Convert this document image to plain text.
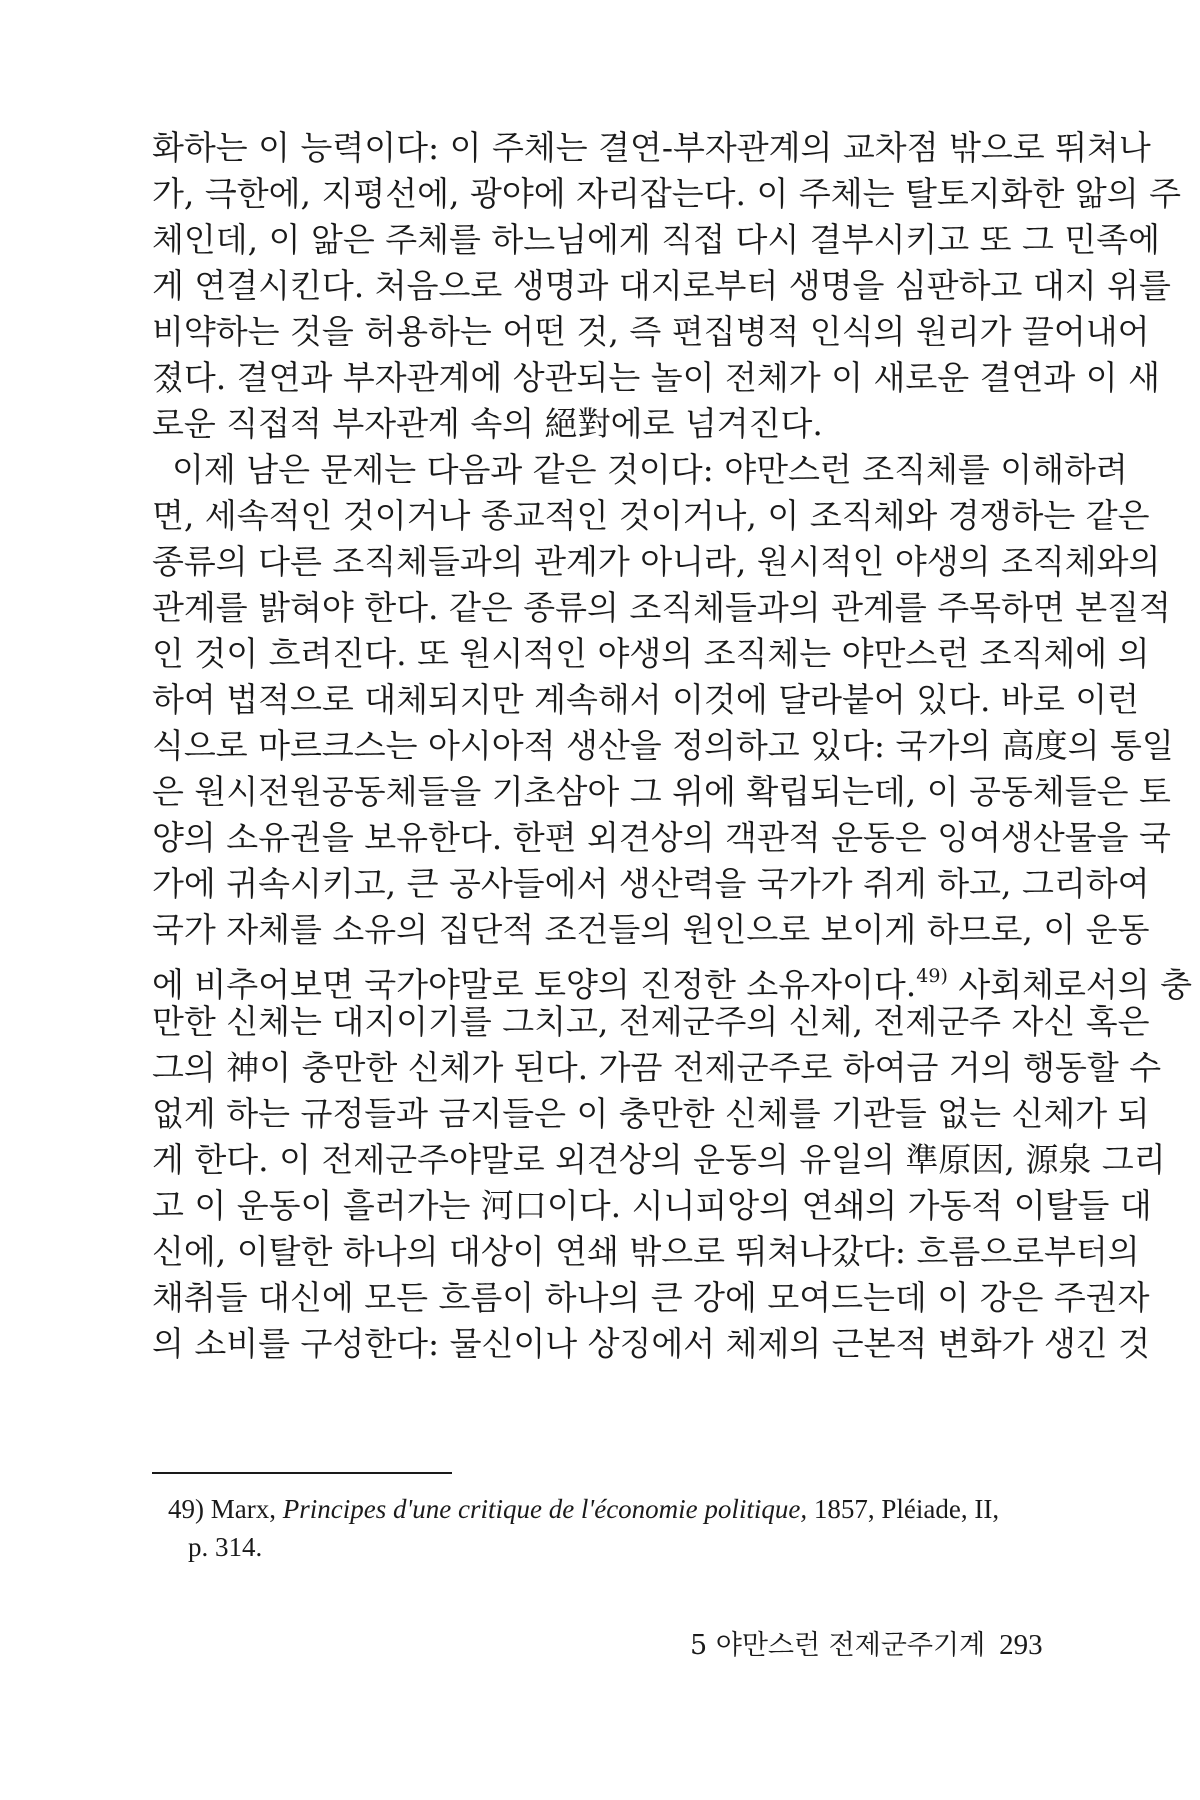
화하는 이 능력이다: 이 주체는 결연-부자관계의 교차점 밖으로 뛰쳐나
가, 극한에, 지평선에, 광야에 자리잡는다. 이 주체는 탈토지화한 앎의 주
체인데, 이 앎은 주체를 하느님에게 직접 다시 결부시키고 또 그 민족에
게 연결시킨다. 처음으로 생명과 대지로부터 생명을 심판하고 대지 위를
비약하는 것을 허용하는 어떤 것, 즉 편집병적 인식의 원리가 끌어내어
졌다. 결연과 부자관계에 상관되는 놀이 전체가 이 새로운 결연과 이 새
로운 직접적 부자관계 속의 絕對에로 넘겨진다.
이제 남은 문제는 다음과 같은 것이다: 야만스런 조직체를 이해하려
면, 세속적인 것이거나 종교적인 것이거나, 이 조직체와 경쟁하는 같은
종류의 다른 조직체들과의 관계가 아니라, 원시적인 야생의 조직체와의
관계를 밝혀야 한다. 같은 종류의 조직체들과의 관계를 주목하면 본질적
인 것이 흐려진다. 또 원시적인 야생의 조직체는 야만스런 조직체에 의
하여 법적으로 대체되지만 계속해서 이것에 달라붙어 있다. 바로 이런
식으로 마르크스는 아시아적 생산을 정의하고 있다: 국가의 高度의 통일
은 원시전원공동체들을 기초삼아 그 위에 확립되는데, 이 공동체들은 토
양의 소유권을 보유한다. 한편 외견상의 객관적 운동은 잉여생산물을 국
가에 귀속시키고, 큰 공사들에서 생산력을 국가가 쥐게 하고, 그리하여
국가 자체를 소유의 집단적 조건들의 원인으로 보이게 하므로, 이 운동
에 비추어보면 국가야말로 토양의 진정한 소유자이다.$^{49)}$ 사회체로서의 충
만한 신체는 대지이기를 그치고, 전제군주의 신체, 전제군주 자신 혹은
그의 神이 충만한 신체가 된다. 가끔 전제군주로 하여금 거의 행동할 수
없게 하는 규정들과 금지들은 이 충만한 신체를 기관들 없는 신체가 되
게 한다. 이 전제군주야말로 외견상의 운동의 유일의 準原因, 源泉 그리
고 이 운동이 흘러가는 河口이다. 시니피앙의 연쇄의 가동적 이탈들 대
신에, 이탈한 하나의 대상이 연쇄 밖으로 뛰쳐나갔다: 흐름으로부터의
채취들 대신에 모든 흐름이 하나의 큰 강에 모여드는데 이 강은 주권자
의 소비를 구성한다: 물신이나 상징에서 체제의 근본적 변화가 생긴 것
49) Marx, Principes d'une critique de l'économie politique, 1857, Pléiade, II,
p. 314.
5 야만스런 전제군주기계 293
